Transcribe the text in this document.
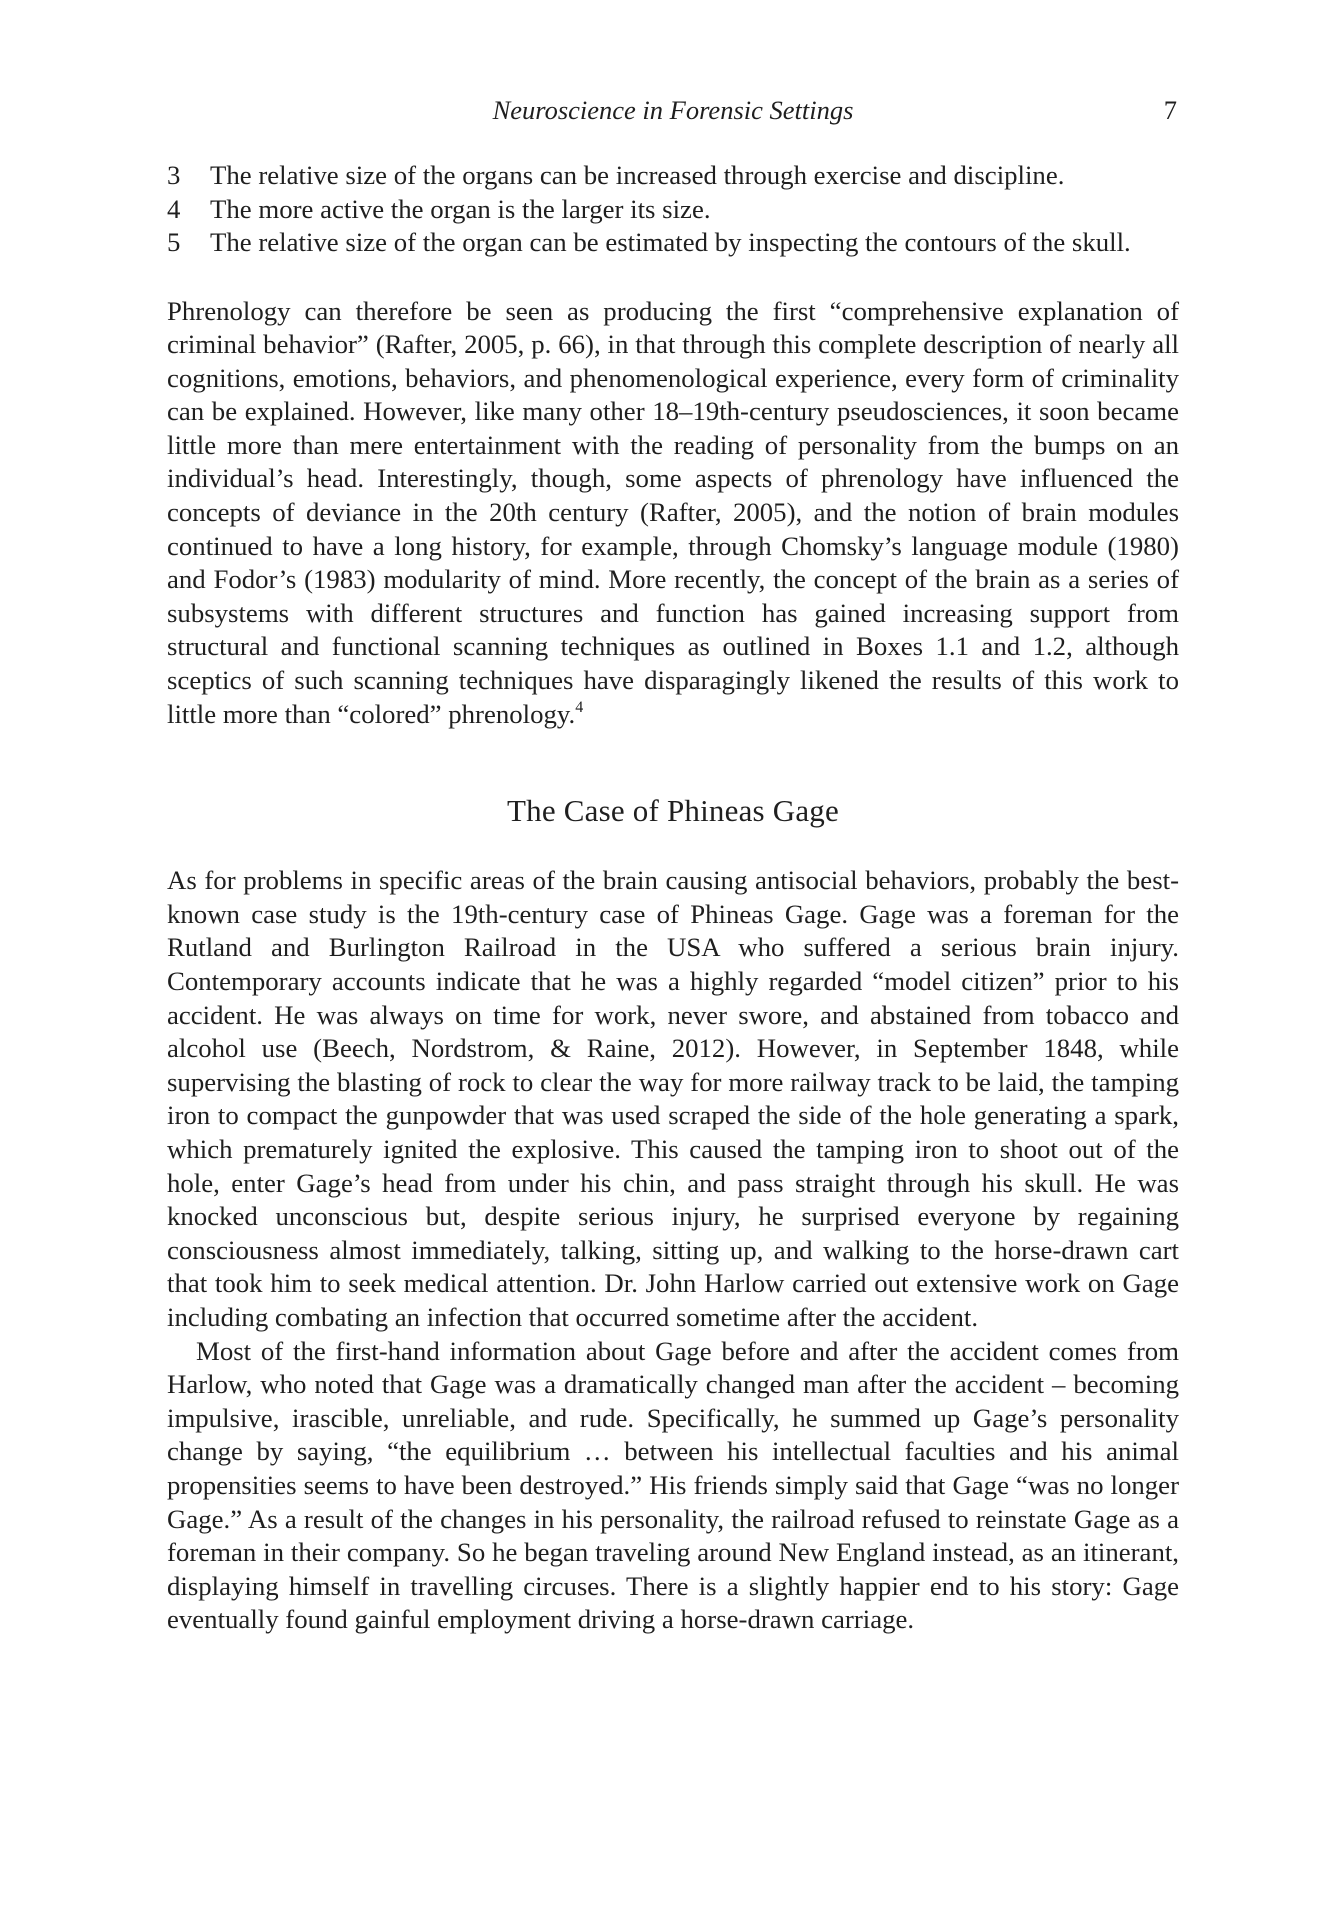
Neuroscience in Forensic Settings	7
3 The relative size of the organs can be increased through exercise and discipline.
4 The more active the organ is the larger its size.
5 The relative size of the organ can be estimated by inspecting the contours of the skull.

Phrenology can therefore be seen as producing the first “comprehensive explanation of criminal behavior” (Rafter, 2005, p. 66), in that through this complete description of nearly all cognitions, emotions, behaviors, and phenomenological experience, every form of criminality can be explained. However, like many other 18–19th-century pseudosciences, it soon became little more than mere entertainment with the reading of personality from the bumps on an individual’s head. Interestingly, though, some aspects of phrenology have influenced the concepts of deviance in the 20th century (Rafter, 2005), and the notion of brain modules continued to have a long history, for example, through Chomsky’s language module (1980) and Fodor’s (1983) modularity of mind. More recently, the concept of the brain as a series of subsystems with different structures and function has gained increasing support from structural and functional scanning techniques as outlined in Boxes 1.1 and 1.2, although sceptics of such scanning techniques have disparagingly likened the results of this work to little more than “colored” phrenology.$^4$

The Case of Phineas Gage

As for problems in specific areas of the brain causing antisocial behaviors, probably the best-known case study is the 19th-century case of Phineas Gage. Gage was a foreman for the Rutland and Burlington Railroad in the USA who suffered a serious brain injury. Contemporary accounts indicate that he was a highly regarded “model citizen” prior to his accident. He was always on time for work, never swore, and abstained from tobacco and alcohol use (Beech, Nordstrom, & Raine, 2012). However, in September 1848, while supervising the blasting of rock to clear the way for more railway track to be laid, the tamping iron to compact the gunpowder that was used scraped the side of the hole generating a spark, which prematurely ignited the explosive. This caused the tamping iron to shoot out of the hole, enter Gage’s head from under his chin, and pass straight through his skull. He was knocked unconscious but, despite serious injury, he surprised everyone by regaining consciousness almost immediately, talking, sitting up, and walking to the horse-drawn cart that took him to seek medical attention. Dr. John Harlow carried out extensive work on Gage including combating an infection that occurred sometime after the accident.

Most of the first-hand information about Gage before and after the accident comes from Harlow, who noted that Gage was a dramatically changed man after the accident – becoming impulsive, irascible, unreliable, and rude. Specifically, he summed up Gage’s personality change by saying, “the equilibrium … between his intellectual faculties and his animal propensities seems to have been destroyed.” His friends simply said that Gage “was no longer Gage.” As a result of the changes in his personality, the railroad refused to reinstate Gage as a foreman in their company. So he began traveling around New England instead, as an itinerant, displaying himself in travelling circuses. There is a slightly happier end to his story: Gage eventually found gainful employment driving a horse-drawn carriage.
